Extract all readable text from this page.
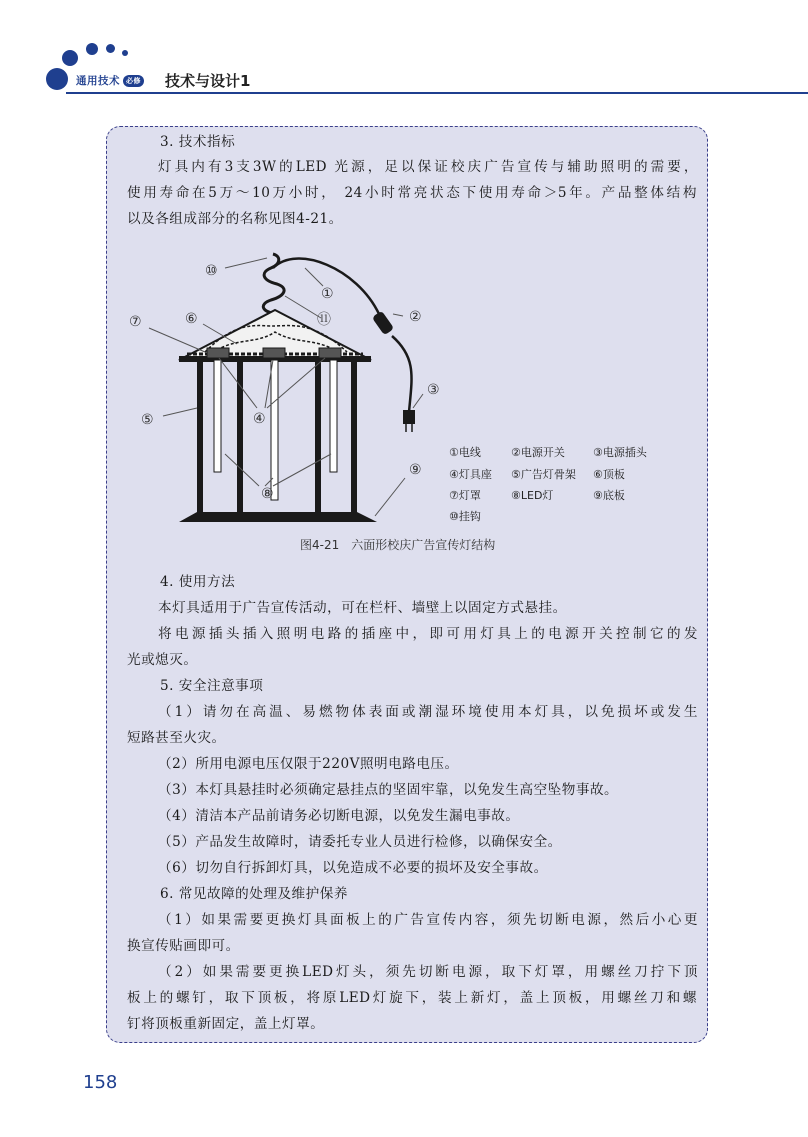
通用技术 必修 技术与设计1
3. 技术指标
灯具内有3支3W的LED 光源，足以保证校庆广告宣传与辅助照明的需要，
使用寿命在5万～10万小时， 24小时常亮状态下使用寿命＞5年。产品整体结构
以及各组成部分的名称见图4-21。
⑩
①
⑪	②
⑦	⑥
③
⑤	④
⑨
⑧
①电线	②电源开关	③电源插头
④灯具座 ⑤广告灯骨架 ⑥顶板
⑦灯罩	⑧LED灯	⑨底板
⑩挂钩
图4-21　六面形校庆广告宣传灯结构
4. 使用方法
本灯具适用于广告宣传活动，可在栏杆、墙壁上以固定方式悬挂。
将电源插头插入照明电路的插座中，即可用灯具上的电源开关控制它的发
光或熄灭。
5. 安全注意事项
（1）请勿在高温、易燃物体表面或潮湿环境使用本灯具，以免损坏或发生
短路甚至火灾。
（2）所用电源电压仅限于220V照明电路电压。
（3）本灯具悬挂时必须确定悬挂点的坚固牢靠，以免发生高空坠物事故。
（4）清洁本产品前请务必切断电源，以免发生漏电事故。
（5）产品发生故障时，请委托专业人员进行检修，以确保安全。
（6）切勿自行拆卸灯具，以免造成不必要的损坏及安全事故。
6. 常见故障的处理及维护保养
（1）如果需要更换灯具面板上的广告宣传内容，须先切断电源，然后小心更
换宣传贴画即可。
（2）如果需要更换LED灯头，须先切断电源，取下灯罩，用螺丝刀拧下顶
板上的螺钉，取下顶板，将原LED灯旋下，装上新灯，盖上顶板，用螺丝刀和螺
钉将顶板重新固定，盖上灯罩。
158
